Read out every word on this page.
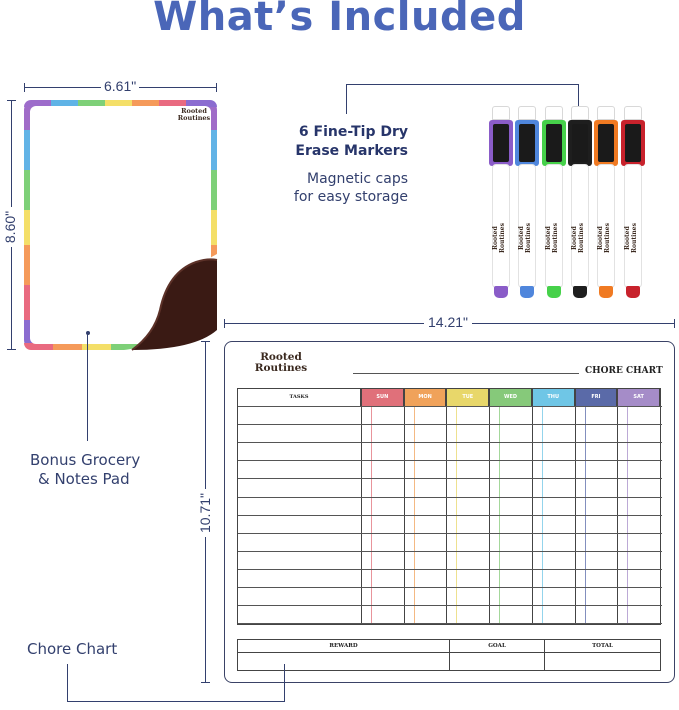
What’s Included
6.61"
8.60"
Rooted
Routines
Bonus Grocery
& Notes Pad
6 Fine-Tip Dry
Erase Markers
Magnetic caps
for easy storage
Rooted Routines	Rooted Routines	Rooted Routines	Rooted Routines	Rooted Routines	Rooted Routines
14.21"
10.71"
Rooted
Routines	CHORE CHART
TASKS	SUN	MON	TUE	WED	THU	FRI	SAT
REWARD	GOAL	TOTAL
Chore Chart
